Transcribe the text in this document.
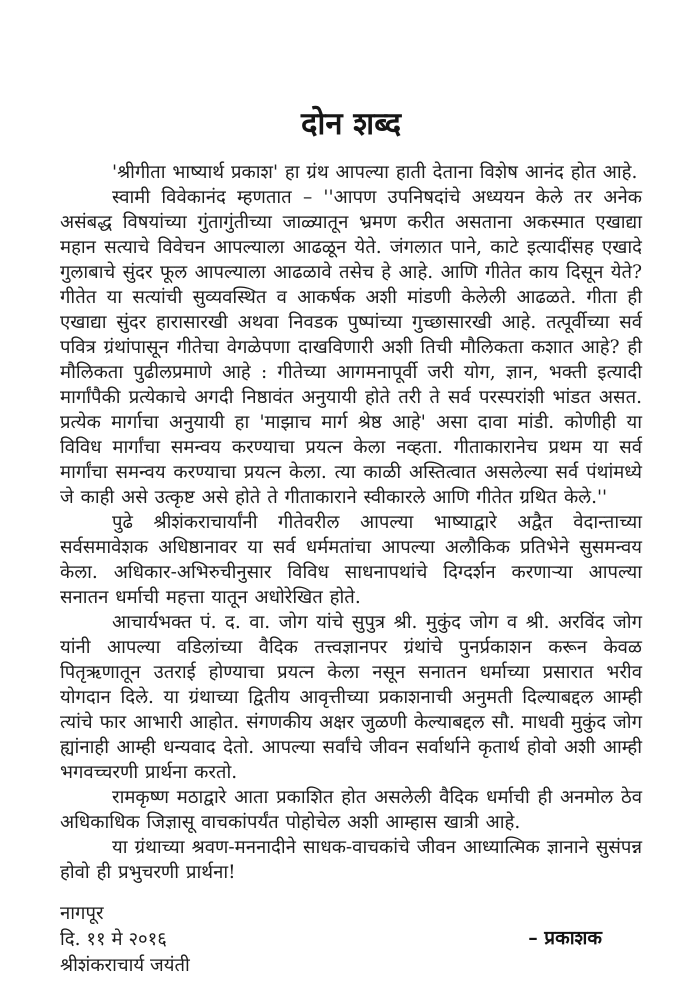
दोन शब्द

'श्रीगीता भाष्यार्थ प्रकाश' हा ग्रंथ आपल्या हाती देताना विशेष आनंद होत आहे.

स्वामी विवेकानंद म्हणतात – ''आपण उपनिषदांचे अध्ययन केले तर अनेक असंबद्ध विषयांच्या गुंतागुंतीच्या जाळ्यातून भ्रमण करीत असताना अकस्मात एखाद्या महान सत्याचे विवेचन आपल्याला आढळून येते. जंगलात पाने, काटे इत्यादींसह एखादे गुलाबाचे सुंदर फूल आपल्याला आढळावे तसेच हे आहे. आणि गीतेत काय दिसून येते? गीतेत या सत्यांची सुव्यवस्थित व आकर्षक अशी मांडणी केलेली आढळते. गीता ही एखाद्या सुंदर हारासारखी अथवा निवडक पुष्पांच्या गुच्छासारखी आहे. तत्पूर्वीच्या सर्व पवित्र ग्रंथांपासून गीतेचा वेगळेपणा दाखविणारी अशी तिची मौलिकता कशात आहे? ही मौलिकता पुढीलप्रमाणे आहे : गीतेच्या आगमनापूर्वी जरी योग, ज्ञान, भक्ती इत्यादी मार्गांपैकी प्रत्येकाचे अगदी निष्ठावंत अनुयायी होते तरी ते सर्व परस्परांशी भांडत असत. प्रत्येक मार्गाचा अनुयायी हा 'माझाच मार्ग श्रेष्ठ आहे' असा दावा मांडी. कोणीही या विविध मार्गांचा समन्वय करण्याचा प्रयत्न केला नव्हता. गीताकारानेच प्रथम या सर्व मार्गांचा समन्वय करण्याचा प्रयत्न केला. त्या काळी अस्तित्वात असलेल्या सर्व पंथांमध्ये जे काही असे उत्कृष्ट असे होते ते गीताकाराने स्वीकारले आणि गीतेत ग्रथित केले.''

पुढे श्रीशंकराचार्यांनी गीतेवरील आपल्या भाष्याद्वारे अद्वैत वेदान्ताच्या सर्वसमावेशक अधिष्ठानावर या सर्व धर्ममतांचा आपल्या अलौकिक प्रतिभेने सुसमन्वय केला. अधिकार-अभिरुचीनुसार विविध साधनापथांचे दिग्दर्शन करणाऱ्या आपल्या सनातन धर्माची महत्ता यातून अधोरेखित होते.

आचार्यभक्त पं. द. वा. जोग यांचे सुपुत्र श्री. मुकुंद जोग व श्री. अरविंद जोग यांनी आपल्या वडिलांच्या वैदिक तत्त्वज्ञानपर ग्रंथांचे पुनर्प्रकाशन करून केवळ पितृऋणातून उतराई होण्याचा प्रयत्न केला नसून सनातन धर्माच्या प्रसारात भरीव योगदान दिले. या ग्रंथाच्या द्वितीय आवृत्तीच्या प्रकाशनाची अनुमती दिल्याबद्दल आम्ही त्यांचे फार आभारी आहोत. संगणकीय अक्षर जुळणी केल्याबद्दल सौ. माधवी मुकुंद जोग ह्यांनाही आम्ही धन्यवाद देतो. आपल्या सर्वांचे जीवन सर्वार्थाने कृतार्थ होवो अशी आम्ही भगवच्चरणी प्रार्थना करतो.

रामकृष्ण मठाद्वारे आता प्रकाशित होत असलेली वैदिक धर्माची ही अनमोल ठेव अधिकाधिक जिज्ञासू वाचकांपर्यंत पोहोचेल अशी आम्हास खात्री आहे.

या ग्रंथाच्या श्रवण-मननादीने साधक-वाचकांचे जीवन आध्यात्मिक ज्ञानाने सुसंपन्न होवो ही प्रभुचरणी प्रार्थना!

नागपूर
दि. ११ मे २०१६
श्रीशंकराचार्य जयंती
– प्रकाशक
